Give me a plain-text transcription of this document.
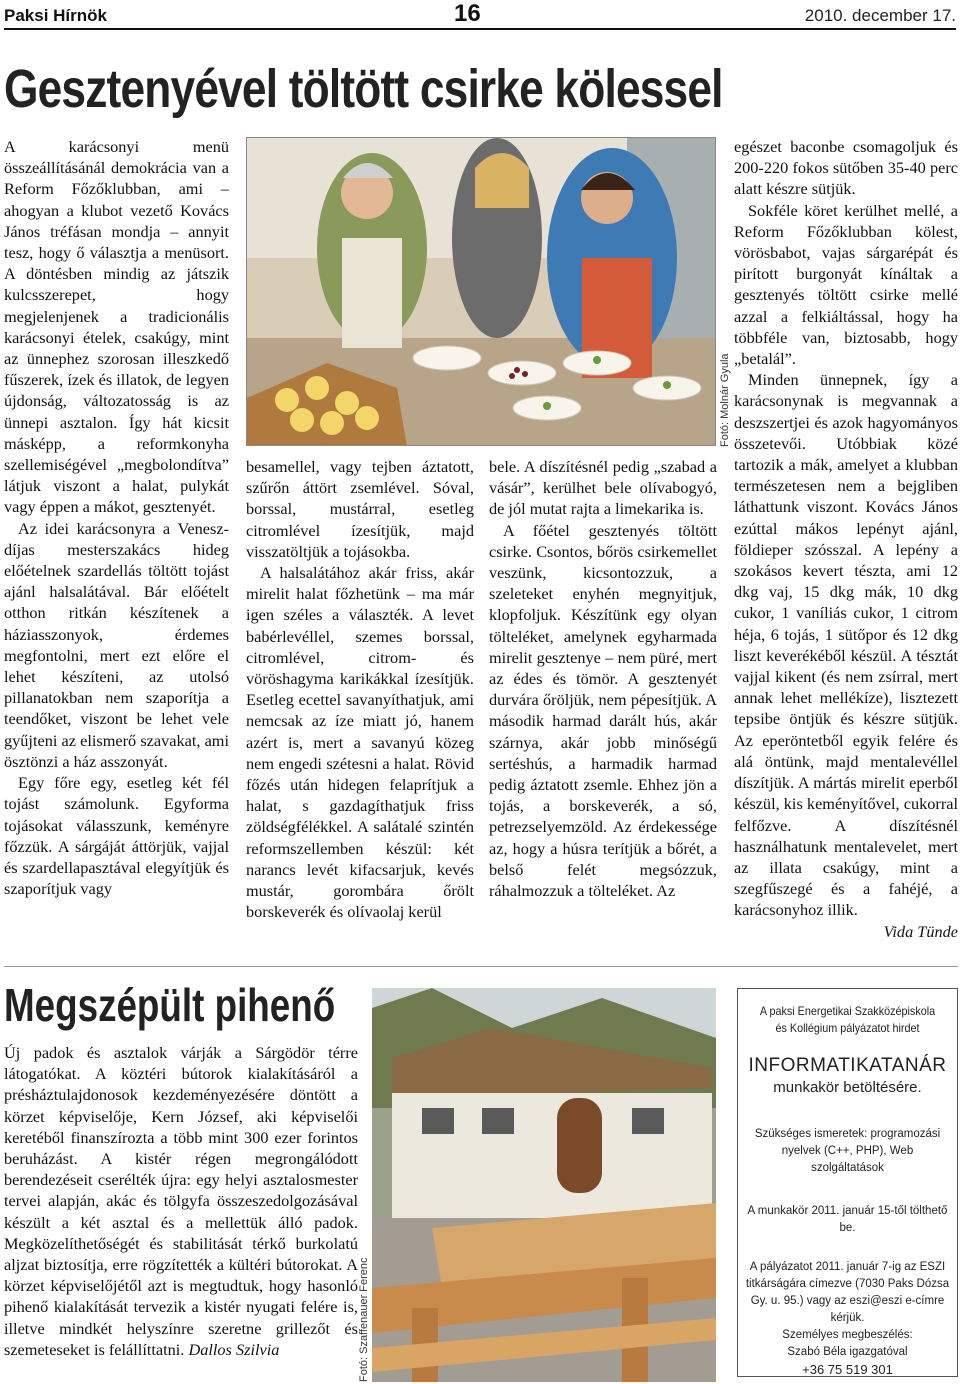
Paksi Hírnök	16	2010. december 17.
Gesztenyével töltött csirke kölessel

A karácsonyi menü összeállításánál demokrácia van a Reform Főzőklubban, ami – ahogyan a klubot vezető Kovács János tréfásan mondja – annyit tesz, hogy ő választja a menüsort. A döntésben mindig az játszik kulcsszerepet, hogy megjelenjenek a tradicionális karácsonyi ételek, csakúgy, mint az ünnephez szorosan illeszkedő fűszerek, ízek és illatok, de legyen újdonság, változatosság is az ünnepi asztalon. Így hát kicsit másképp, a reformkonyha szellemiségével „megbolondítva” látjuk viszont a halat, pulykát vagy éppen a mákot, gesztenyét.

Az idei karácsonyra a Venesz-díjas mesterszakács hideg előételnek szardellás töltött tojást ajánl halsalátával. Bár előételt otthon ritkán készítenek a háziasszonyok, érdemes megfontolni, mert ezt előre el lehet készíteni, az utolsó pillanatokban nem szaporítja a teendőket, viszont be lehet vele gyűjteni az elismerő szavakat, ami ösztönzi a ház asszonyát.

Egy főre egy, esetleg két fél tojást számolunk. Egyforma tojásokat válasszunk, keményre főzzük. A sárgáját áttörjük, vajjal és szardellapasztával elegyítjük és szaporítjuk vagy

Fotó: Molnár Gyula

besamellel, vagy tejben áztatott, szűrőn áttört zsemlével. Sóval, borssal, mustárral, esetleg citromlével ízesítjük, majd visszatöltjük a tojásokba.

A halsalátához akár friss, akár mirelit halat főzhetünk – ma már igen széles a választék. A levet babérlevéllel, szemes borssal, citromlével, citrom- és vöröshagyma karikákkal ízesítjük. Esetleg ecettel savanyíthatjuk, ami nemcsak az íze miatt jó, hanem azért is, mert a savanyú közeg nem engedi szétesni a halat. Rövid főzés után hidegen felaprítjuk a halat, s gazdagíthatjuk friss zöldségfélékkel. A salátalé szintén reformszellemben készül: két narancs levét kifacsarjuk, kevés mustár, gorombára őrölt borskeverék és olívaolaj kerül

bele. A díszítésnél pedig „szabad a vásár”, kerülhet bele olívabogyó, de jól mutat rajta a limekarika is.

A főétel gesztenyés töltött csirke. Csontos, bőrös csirkemellet veszünk, kicsontozzuk, a szeleteket enyhén megnyitjuk, klopfoljuk. Készítünk egy olyan tölteléket, amelynek egyharmada mirelit gesztenye – nem püré, mert az édes és tömör. A gesztenyét durvára őröljük, nem pépesítjük. A második harmad darált hús, akár szárnya, akár jobb minőségű sertéshús, a harmadik harmad pedig áztatott zsemle. Ehhez jön a tojás, a borskeverék, a só, petrezselyemzöld. Az érdekessége az, hogy a húsra terítjük a bőrét, a belső felét megsózzuk, ráhalmozzuk a tölteléket. Az

egészet baconbe csomagoljuk és 200-220 fokos sütőben 35-40 perc alatt készre sütjük.

Sokféle köret kerülhet mellé, a Reform Főzőklubban kölest, vörösbabot, vajas sárgarépát és pirított burgonyát kínáltak a gesztenyés töltött csirke mellé azzal a felkiáltással, hogy ha többféle van, biztosabb, hogy „betalál”.

Minden ünnepnek, így a karácsonynak is megvannak a deszszertjei és azok hagyományos összetevői. Utóbbiak közé tartozik a mák, amelyet a klubban természetesen nem a bejgliben láthattunk viszont. Kovács János ezúttal mákos lepényt ajánl, földieper szósszal. A lepény a szokásos kevert tészta, ami 12 dkg vaj, 15 dkg mák, 10 dkg cukor, 1 vaníliás cukor, 1 citrom héja, 6 tojás, 1 sütőpor és 12 dkg liszt keverékéből készül. A tésztát vajjal kikent (és nem zsírral, mert annak lehet mellékíze), lisztezett tepsibe öntjük és készre sütjük. Az eperöntetből egyik felére és alá öntünk, majd mentalevéllel díszítjük. A mártás mirelit eperből készül, kis keményítővel, cukorral felfőzve. A díszítésnél használhatunk mentalevelet, mert az illata csakúgy, mint a szegfűszegé és a fahéjé, a karácsonyhoz illik.

Vida Tünde

Megszépült pihenő

Új padok és asztalok várják a Sárgödör térre látogatókat. A köztéri bútorok kialakításáról a présháztulajdonosok kezdeményezésére döntött a körzet képviselője, Kern József, aki képviselői keretéből finanszírozta a több mint 300 ezer forintos beruházást. A kistér régen megrongálódott berendezéseit cserélték újra: egy helyi asztalosmester tervei alapján, akác és tölgyfa összeszedolgozásával készült a két asztal és a mellettük álló padok. Megközelíthetőségét és stabilitását térkő burkolatú aljzat biztosítja, erre rögzítették a kültéri bútorokat. A körzet képviselőjétől azt is megtudtuk, hogy hasonló pihenő kialakítását tervezik a kistér nyugati felére is, illetve mindkét helyszínre szeretne grillezőt és szemeteseket is felállíttatni. Dallos Szilvia	Fotó: Szaffenauer Ferenc
A paksi Energetikai Szakközépiskola és Kollégium pályázatot hirdet
INFORMATIKATANÁR
munkakör betöltésére.
Szükséges ismeretek: programozási nyelvek (C++, PHP), Web szolgáltatások
A munkakör 2011. január 15-től tölthető be.
A pályázatot 2011. január 7-ig az ESZI titkárságára címezve (7030 Paks Dózsa Gy. u. 95.) vagy az eszi@eszi e-címre kérjük.
Személyes megbeszélés:
Szabó Béla igazgatóval
+36 75 519 301
